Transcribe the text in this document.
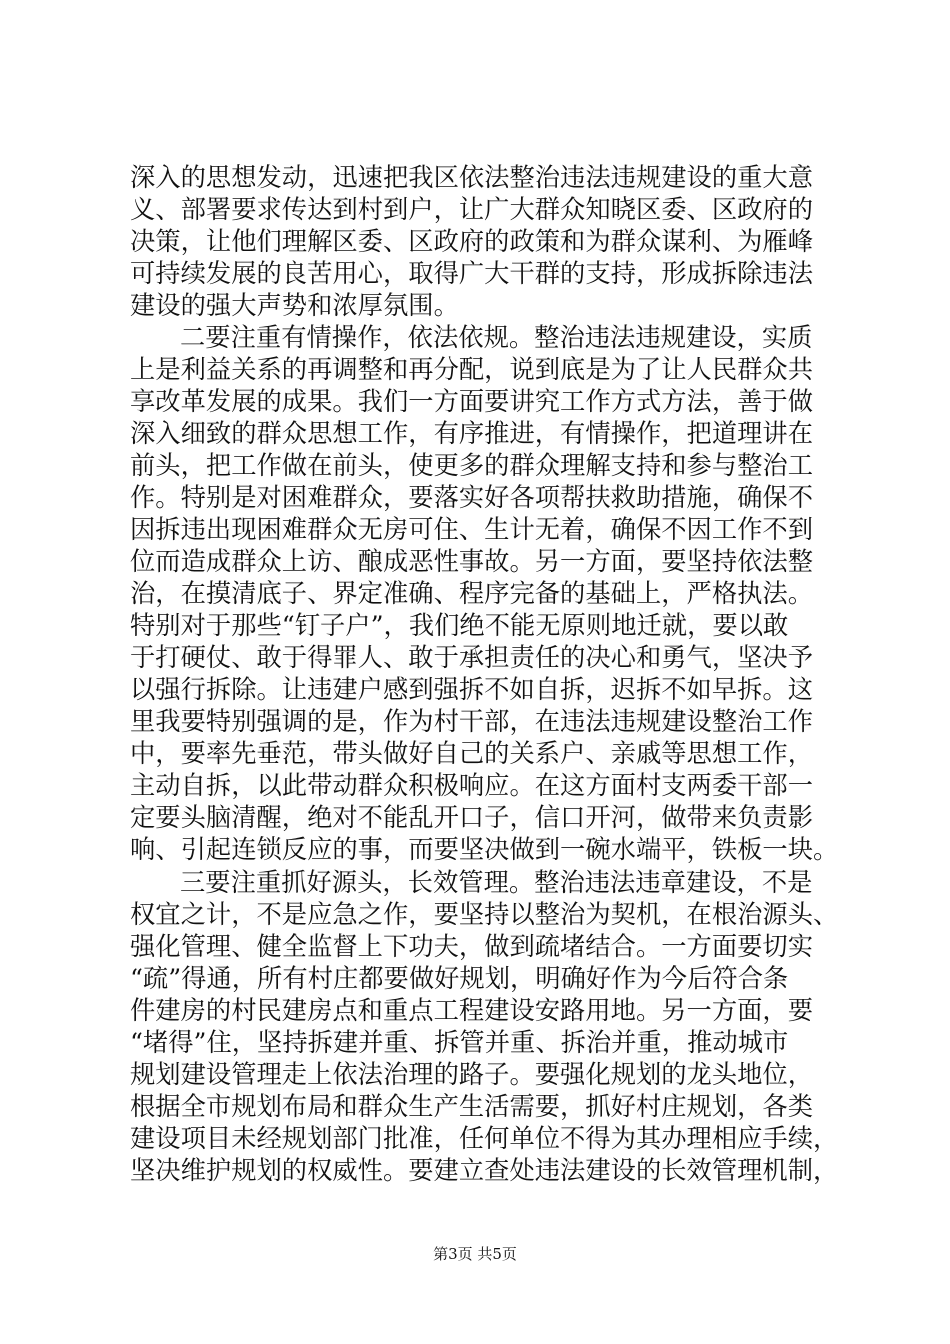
深入的思想发动，迅速把我区依法整治违法违规建设的重大意
义、部署要求传达到村到户，让广大群众知晓区委、区政府的
决策，让他们理解区委、区政府的政策和为群众谋利、为雁峰
可持续发展的良苦用心，取得广大干群的支持，形成拆除违法
建设的强大声势和浓厚氛围。
二要注重有情操作，依法依规。整治违法违规建设，实质
上是利益关系的再调整和再分配，说到底是为了让人民群众共
享改革发展的成果。我们一方面要讲究工作方式方法，善于做
深入细致的群众思想工作，有序推进，有情操作，把道理讲在
前头，把工作做在前头，使更多的群众理解支持和参与整治工
作。特别是对困难群众，要落实好各项帮扶救助措施，确保不
因拆违出现困难群众无房可住、生计无着，确保不因工作不到
位而造成群众上访、酿成恶性事故。另一方面，要坚持依法整
治，在摸清底子、界定准确、程序完备的基础上，严格执法。
特别对于那些“钉子户”，我们绝不能无原则地迁就，要以敢
于打硬仗、敢于得罪人、敢于承担责任的决心和勇气，坚决予
以强行拆除。让违建户感到强拆不如自拆，迟拆不如早拆。这
里我要特别强调的是，作为村干部，在违法违规建设整治工作
中，要率先垂范，带头做好自己的关系户、亲戚等思想工作，
主动自拆，以此带动群众积极响应。在这方面村支两委干部一
定要头脑清醒，绝对不能乱开口子，信口开河，做带来负责影
响、引起连锁反应的事，而要坚决做到一碗水端平，铁板一块。
三要注重抓好源头，长效管理。整治违法违章建设，不是
权宜之计，不是应急之作，要坚持以整治为契机，在根治源头、
强化管理、健全监督上下功夫，做到疏堵结合。一方面要切实
“疏”得通，所有村庄都要做好规划，明确好作为今后符合条
件建房的村民建房点和重点工程建设安路用地。另一方面，要
“堵得”住，坚持拆建并重、拆管并重、拆治并重，推动城市
规划建设管理走上依法治理的路子。要强化规划的龙头地位，
根据全市规划布局和群众生产生活需要，抓好村庄规划，各类
建设项目未经规划部门批准，任何单位不得为其办理相应手续，
坚决维护规划的权威性。要建立查处违法建设的长效管理机制，
第3页 共5页
